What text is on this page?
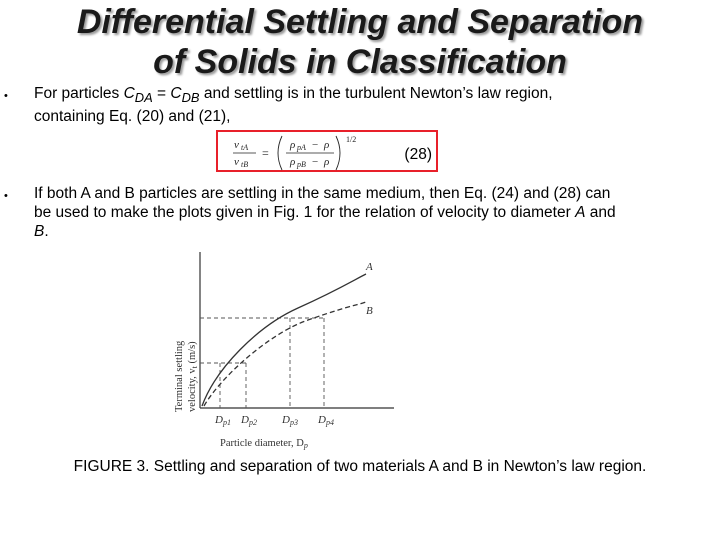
Differential Settling and Separation
of Solids in Classification
•	For particles $C_{DA} = C_{DB}$ and settling is in the turbulent Newton’s law region,
containing Eq. (20) and (21),
v tA
v tB
=
ρ pA − ρ
ρ pB − ρ
1/2
(28)
•	If both A and B particles are settling in the same medium, then Eq. (24) and (28) can
be used to make the plots given in Fig. 1 for the relation of velocity to diameter A and
B.
Terminal settling velocity, vt (m/s)
A
B
Dp1 Dp2 Dp3 Dp4
Particle diameter, Dp
FIGURE 3. Settling and separation of two materials A and B in Newton’s law region.
